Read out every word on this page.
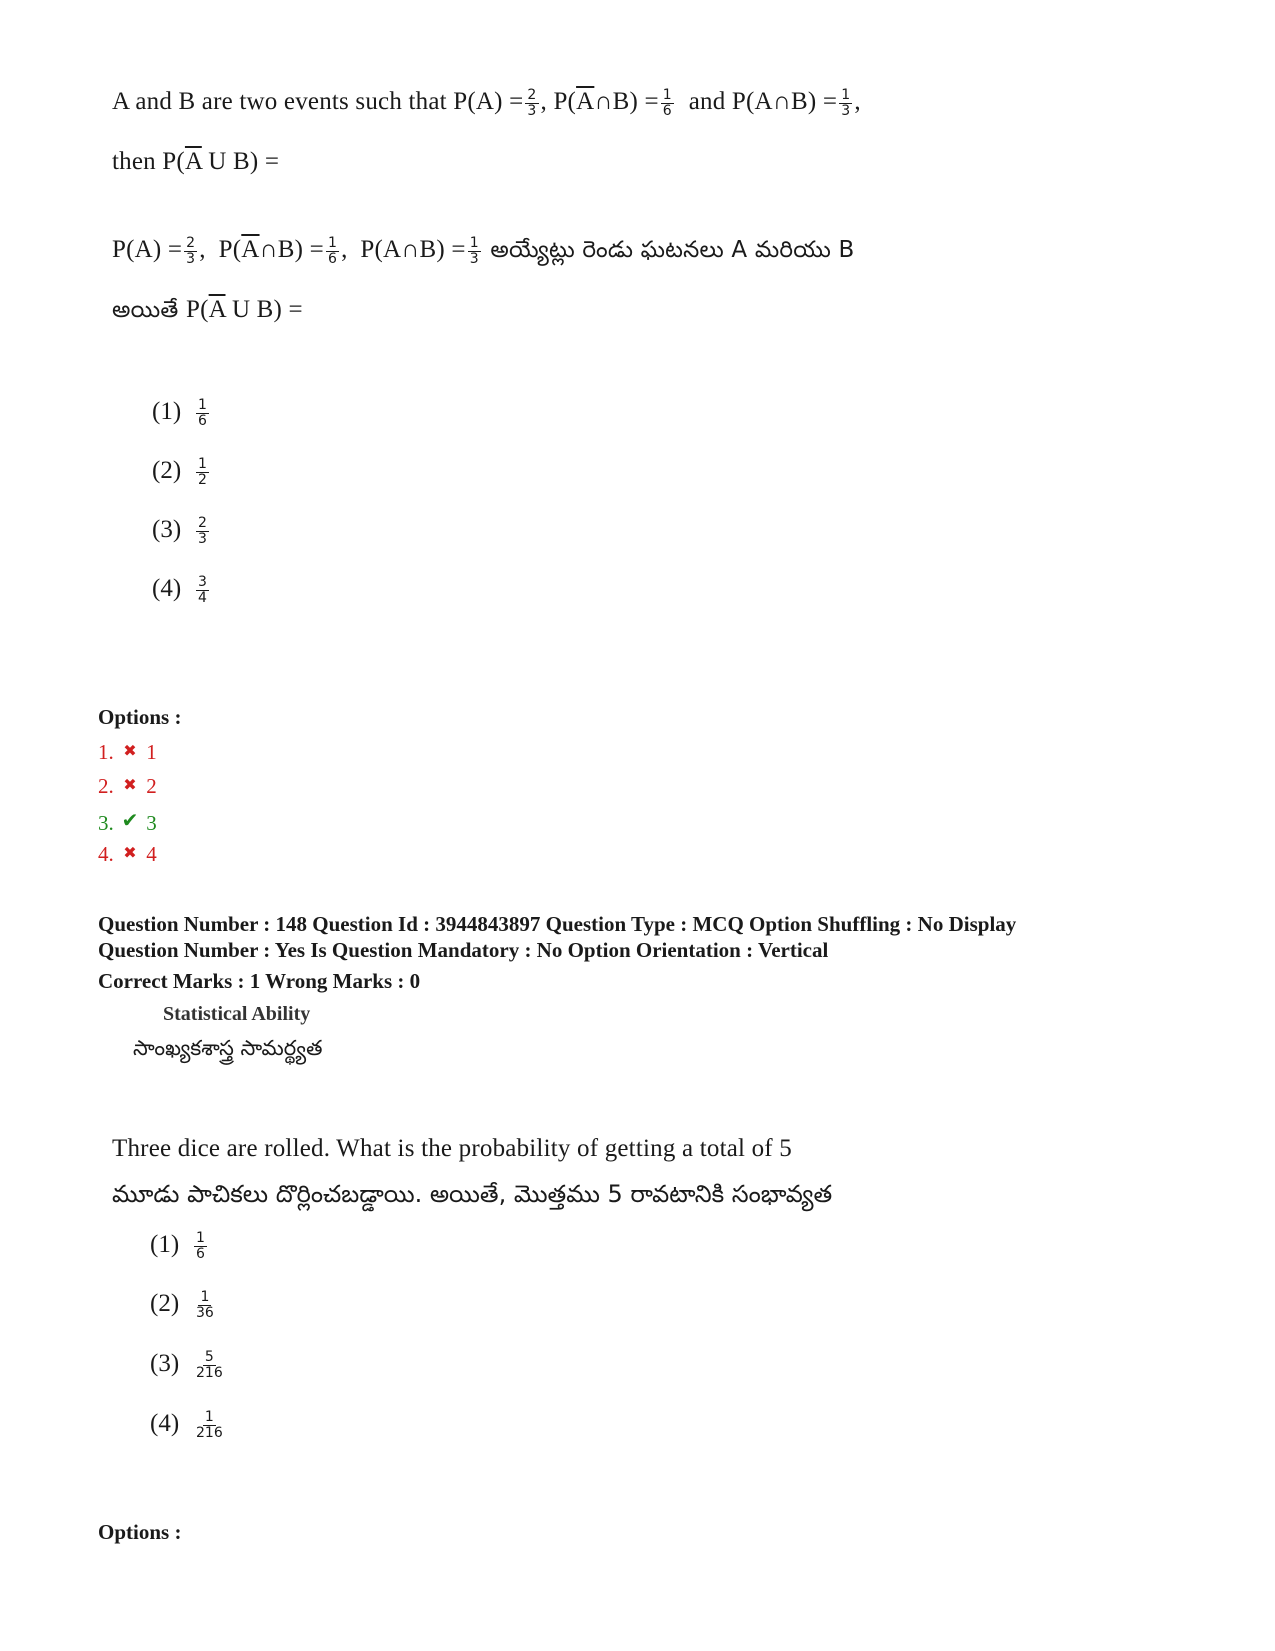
A and B are two events such that $P(A) = \frac{2}{3}$ , $P(\overline{A}\cap B) = \frac{1}{6}$ and P(A∩B) = $\frac{1}{3}$ ,
then $P(\overline{A}$ U B) =
$P(A) = \frac{2}{3}$ ,  $P(\overline{A}\cap B) = \frac{1}{6}$ ,  P(A∩B) = $\frac{1}{3}$ అయ్యేట్లు రెండు ఘటనలు A మరియు B
అయితే $P(\overline{A}$ U B) =
$(1) \frac{1}{6}$
$(2) \frac{1}{2}$
$(3) \frac{2}{3}$
$(4) \frac{3}{4}$
Options :
1. ✖ 1
2. ✖ 2
3. ✔ 3
4. ✖ 4
Question Number : 148 Question Id : 3944843897 Question Type : MCQ Option Shuffling : No Display
Question Number : Yes Is Question Mandatory : No Option Orientation : Vertical
Correct Marks : 1 Wrong Marks : 0
Statistical Ability
సాంఖ్యకశాస్త్ర సామర్థ్యత
Three dice are rolled. What is the probability of getting a total of 5
మూడు పాచికలు దొర్లించబడ్డాయి. అయితే, మొత్తము 5 రావటానికి సంభావ్యత
$(1) \frac{1}{6}$
$(2) \frac{1}{36}$
$(3) \frac{5}{216}$
$(4) \frac{1}{216}$
Options :
